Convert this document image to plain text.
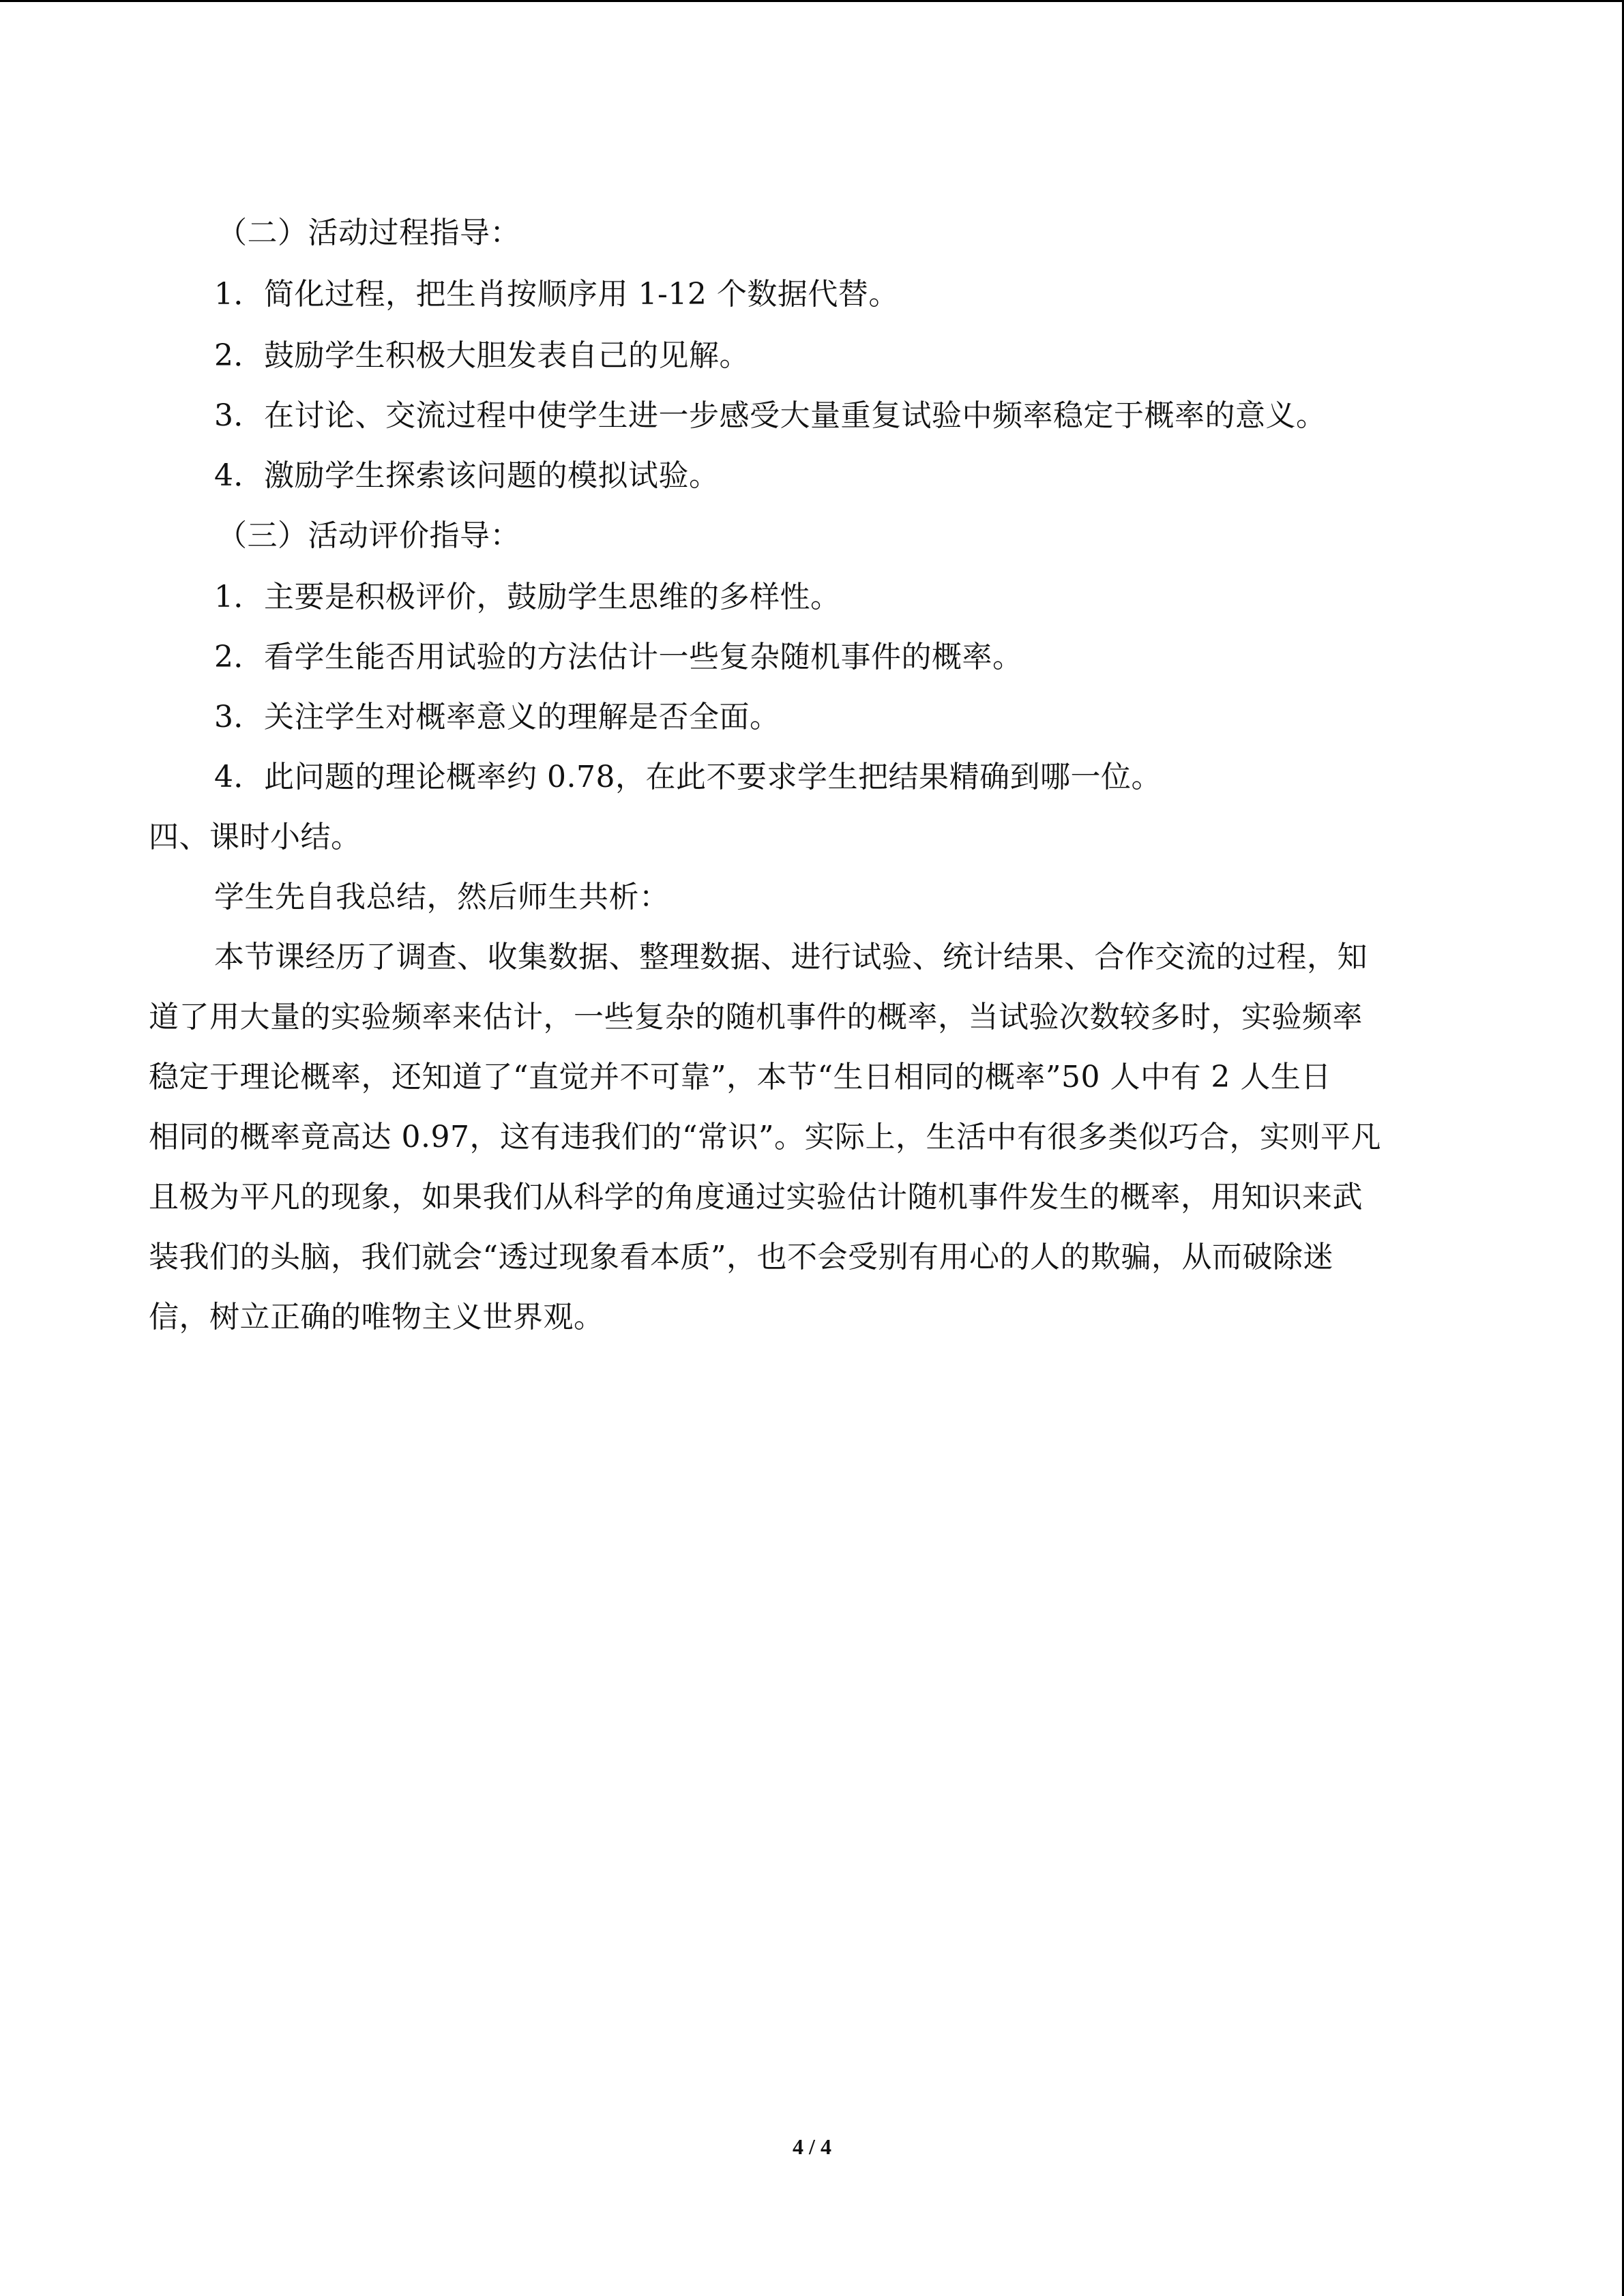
（二）活动过程指导：
1．简化过程，把生肖按顺序用 1-12 个数据代替。
2．鼓励学生积极大胆发表自己的见解。
3．在讨论、交流过程中使学生进一步感受大量重复试验中频率稳定于概率的意义。
4．激励学生探索该问题的模拟试验。
（三）活动评价指导：
1．主要是积极评价，鼓励学生思维的多样性。
2．看学生能否用试验的方法估计一些复杂随机事件的概率。
3．关注学生对概率意义的理解是否全面。
4．此问题的理论概率约 0.78，在此不要求学生把结果精确到哪一位。
四、课时小结。
学生先自我总结，然后师生共析：
本节课经历了调查、收集数据、整理数据、进行试验、统计结果、合作交流的过程，知
道了用大量的实验频率来估计，一些复杂的随机事件的概率，当试验次数较多时，实验频率
稳定于理论概率，还知道了“直觉并不可靠”，本节“生日相同的概率”50 人中有 2 人生日
相同的概率竟高达 0.97，这有违我们的“常识”。实际上，生活中有很多类似巧合，实则平凡
且极为平凡的现象，如果我们从科学的角度通过实验估计随机事件发生的概率，用知识来武
装我们的头脑，我们就会“透过现象看本质”，也不会受别有用心的人的欺骗，从而破除迷
信，树立正确的唯物主义世界观。
4 / 4
